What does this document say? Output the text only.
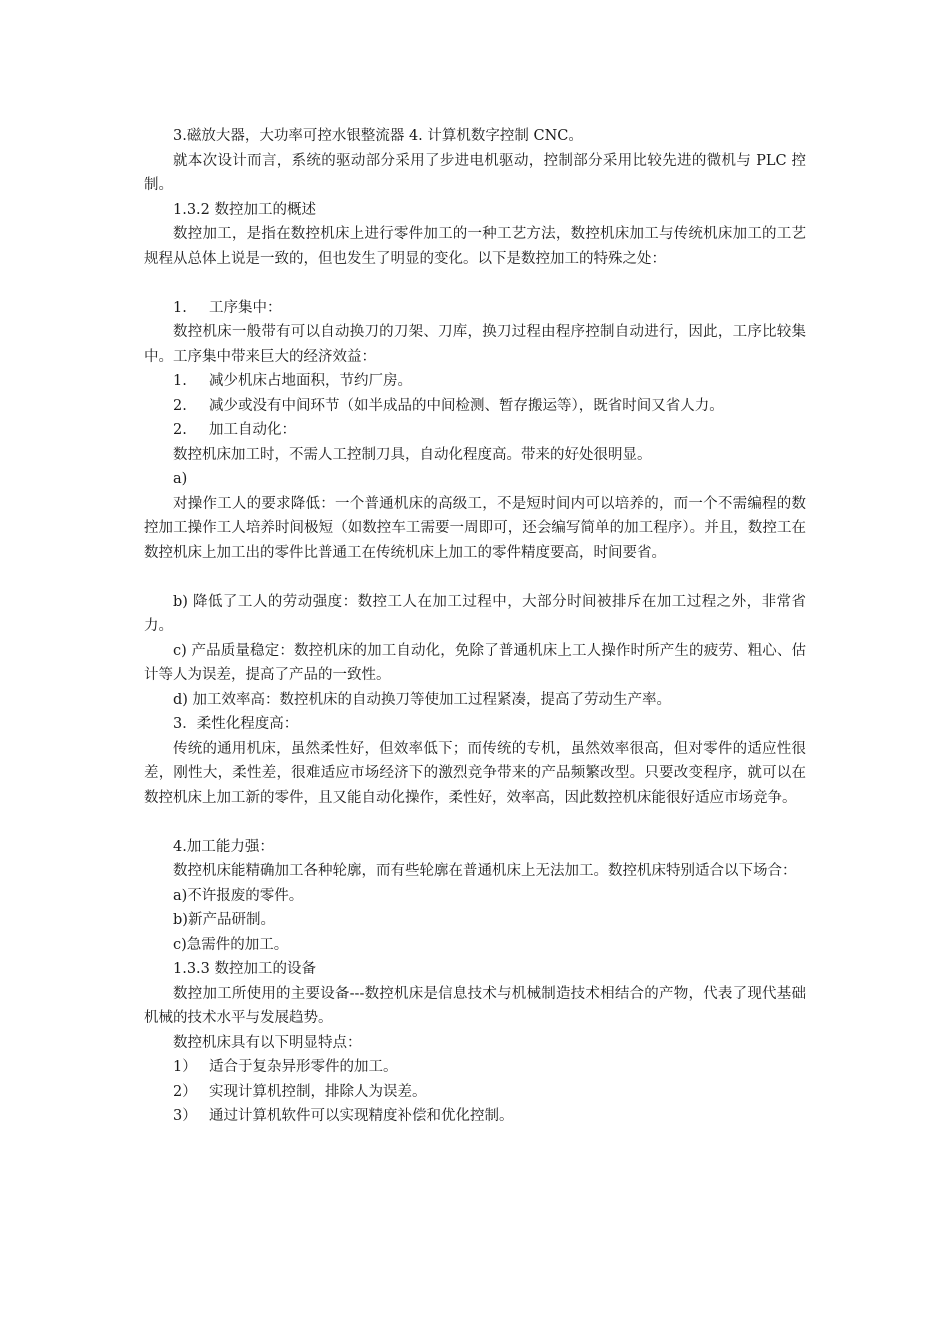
3.磁放大器，大功率可控水银整流器 4. 计算机数字控制 CNC。

就本次设计而言，系统的驱动部分采用了步进电机驱动，控制部分采用比较先进的微机与 PLC 控制。

1.3.2 数控加工的概述

数控加工，是指在数控机床上进行零件加工的一种工艺方法，数控机床加工与传统机床加工的工艺规程从总体上说是一致的，但也发生了明显的变化。以下是数控加工的特殊之处：

1. 工序集中：

数控机床一般带有可以自动换刀的刀架、刀库，换刀过程由程序控制自动进行，因此，工序比较集中。工序集中带来巨大的经济效益：

1. 减少机床占地面积，节约厂房。
2. 减少或没有中间环节（如半成品的中间检测、暂存搬运等），既省时间又省人力。
2. 加工自动化：

数控机床加工时，不需人工控制刀具，自动化程度高。带来的好处很明显。

a)

对操作工人的要求降低：一个普通机床的高级工，不是短时间内可以培养的，而一个不需编程的数控加工操作工人培养时间极短（如数控车工需要一周即可，还会编写简单的加工程序）。并且，数控工在数控机床上加工出的零件比普通工在传统机床上加工的零件精度要高，时间要省。

b) 降低了工人的劳动强度：数控工人在加工过程中，大部分时间被排斥在加工过程之外，非常省力。

c) 产品质量稳定：数控机床的加工自动化，免除了普通机床上工人操作时所产生的疲劳、粗心、估计等人为误差，提高了产品的一致性。

d) 加工效率高：数控机床的自动换刀等使加工过程紧凑，提高了劳动生产率。

3．柔性化程度高：

传统的通用机床，虽然柔性好，但效率低下；而传统的专机，虽然效率很高，但对零件的适应性很差，刚性大，柔性差，很难适应市场经济下的激烈竞争带来的产品频繁改型。只要改变程序，就可以在数控机床上加工新的零件，且又能自动化操作，柔性好，效率高，因此数控机床能很好适应市场竞争。

4.加工能力强：

数控机床能精确加工各种轮廓，而有些轮廓在普通机床上无法加工。数控机床特别适合以下场合：

a)不许报废的零件。

b)新产品研制。

c)急需件的加工。

1.3.3 数控加工的设备

数控加工所使用的主要设备---数控机床是信息技术与机械制造技术相结合的产物，代表了现代基础机械的技术水平与发展趋势。

数控机床具有以下明显特点：

1） 适合于复杂异形零件的加工。
2） 实现计算机控制，排除人为误差。
3） 通过计算机软件可以实现精度补偿和优化控制。
